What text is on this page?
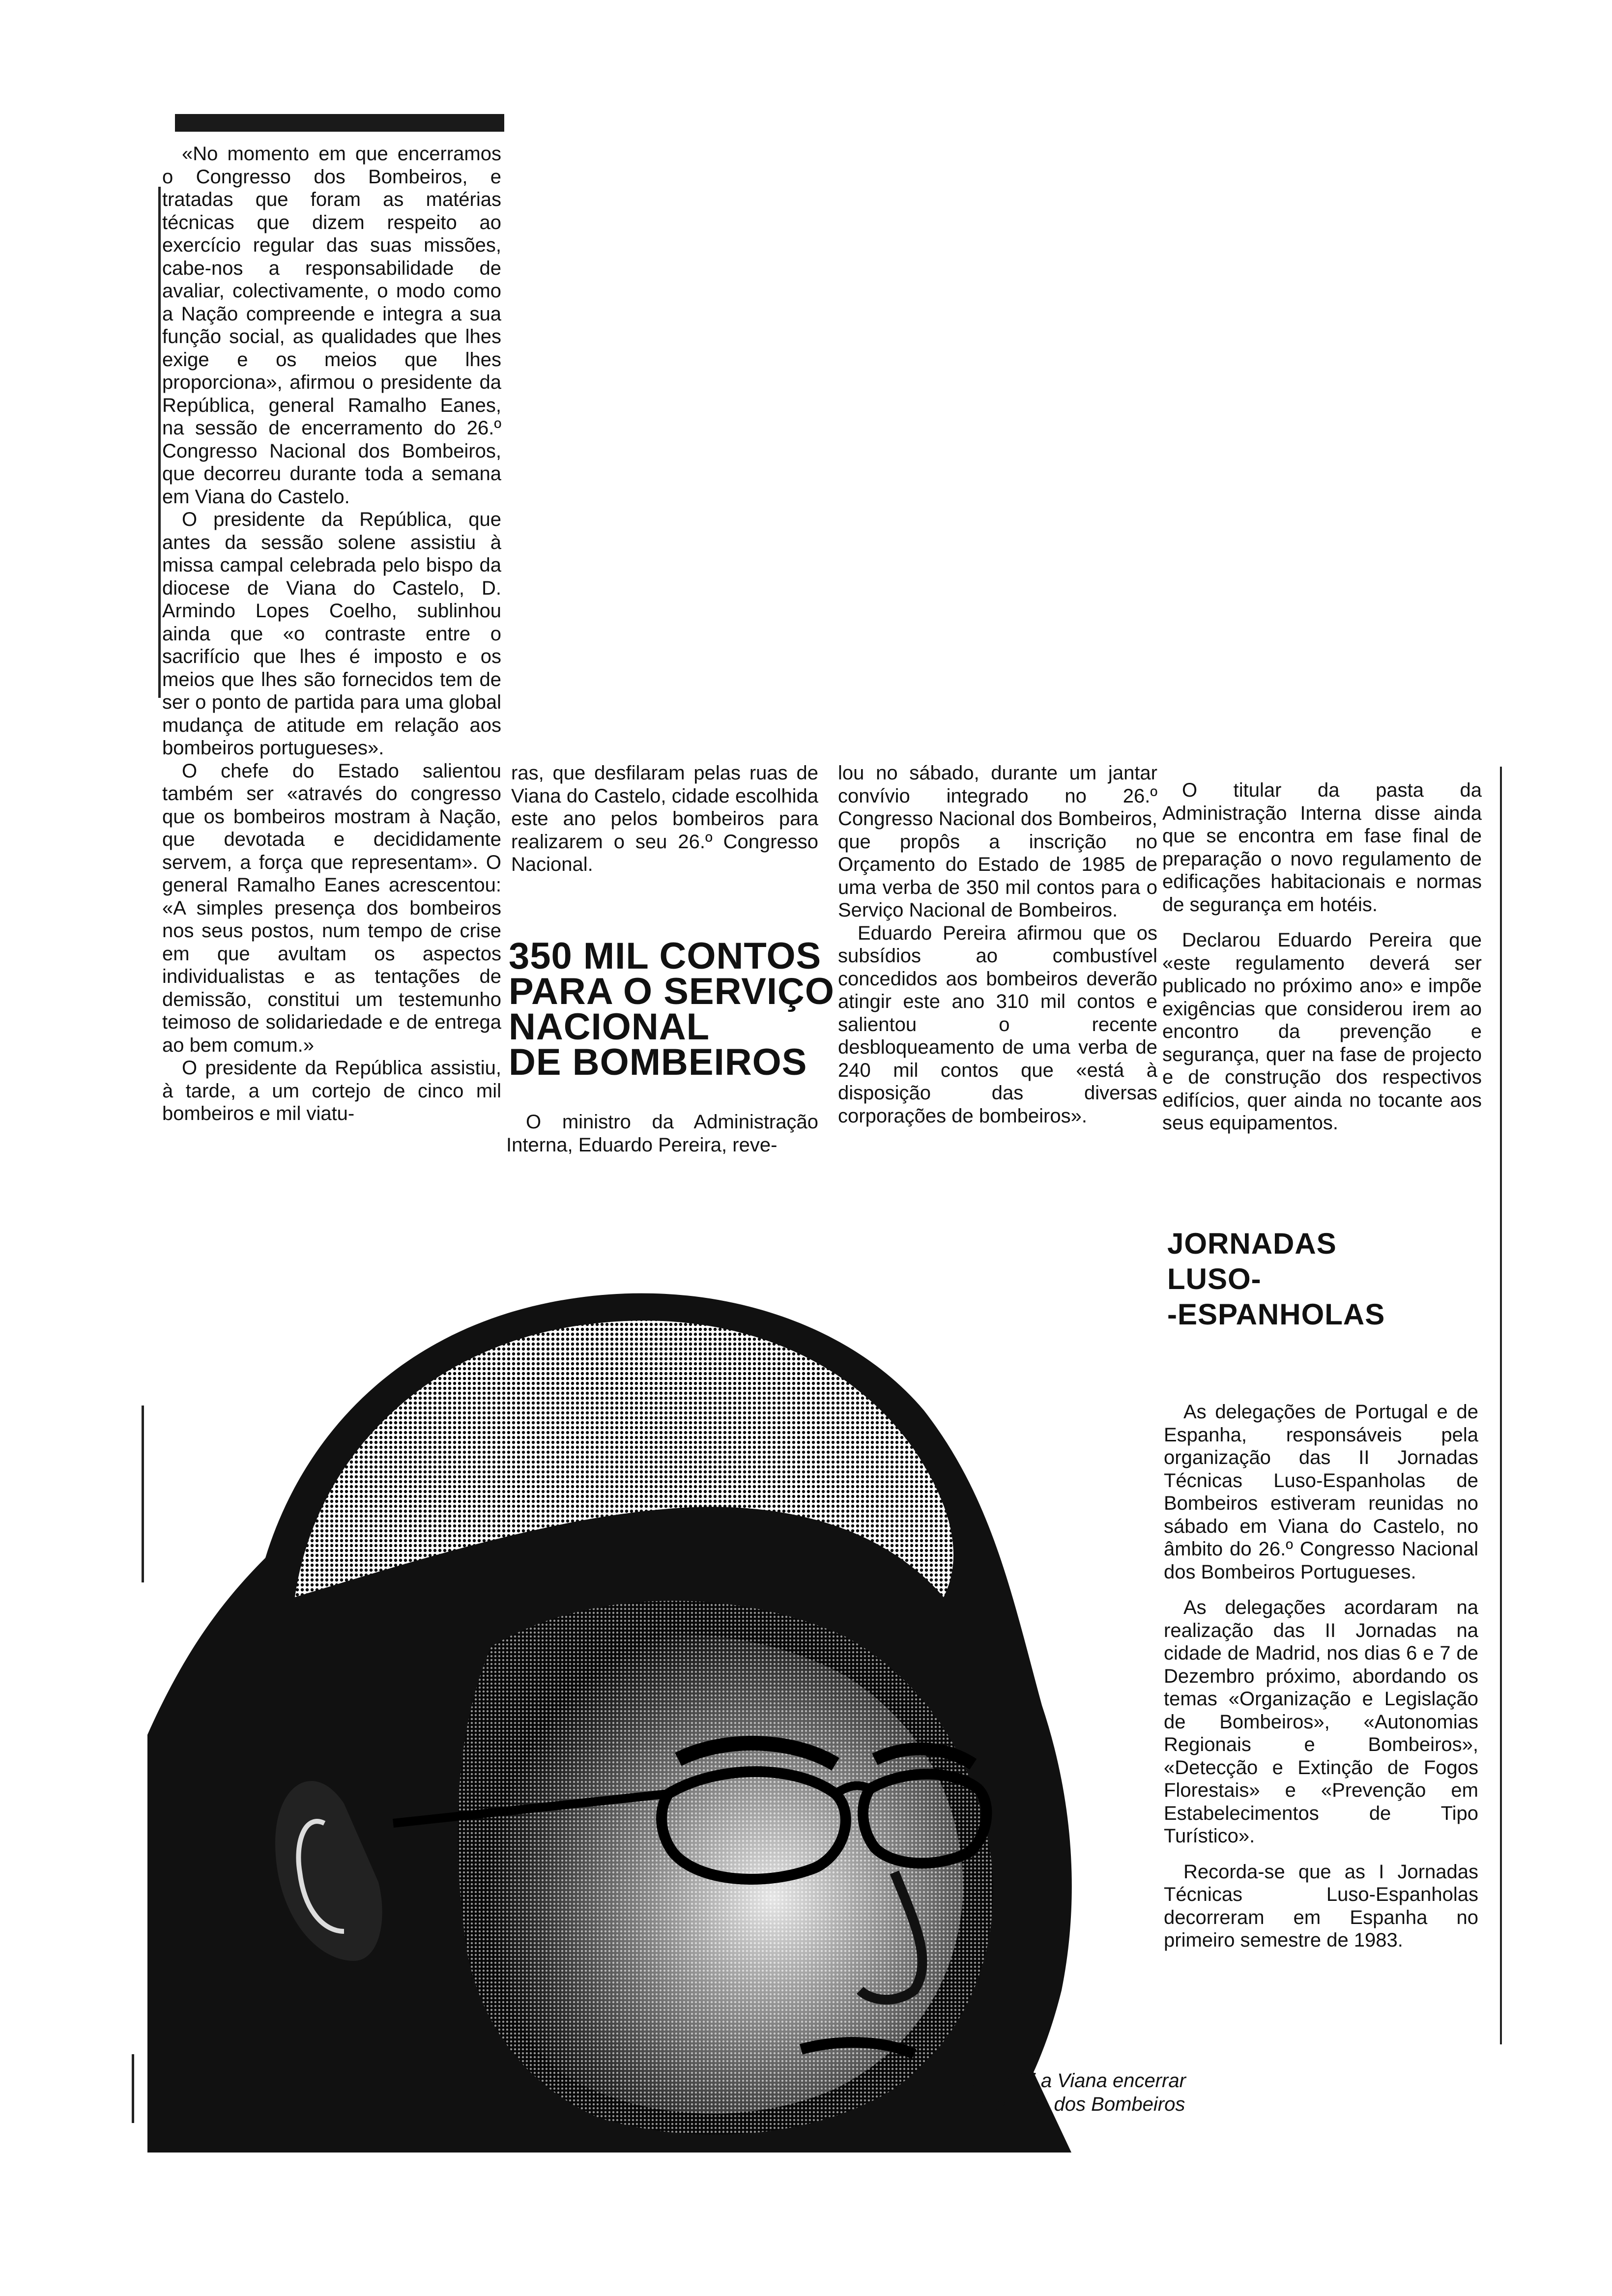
«No momento em que encerramos o Congresso dos Bombeiros, e tratadas que foram as matérias técnicas que dizem respeito ao exercício regular das suas missões, cabe-nos a responsabilidade de avaliar, colectivamente, o modo como a Nação compreende e integra a sua função social, as qualidades que lhes exige e os meios que lhes proporciona», afirmou o presidente da República, general Ramalho Eanes, na sessão de encerramento do 26.º Congresso Nacional dos Bombeiros, que decorreu durante toda a semana em Viana do Castelo.

O presidente da República, que antes da sessão solene assistiu à missa campal celebrada pelo bispo da diocese de Viana do Castelo, D. Armindo Lopes Coelho, sublinhou ainda que «o contraste entre o sacrifício que lhes é imposto e os meios que lhes são fornecidos tem de ser o ponto de partida para uma global mudança de atitude em relação aos bombeiros portugueses».

O chefe do Estado salientou também ser «através do congresso que os bombeiros mostram à Nação, que devotada e decididamente servem, a força que representam». O general Ramalho Eanes acrescentou: «A simples presença dos bombeiros nos seus postos, num tempo de crise em que avultam os aspectos individualistas e as tentações de demissão, constitui um testemunho teimoso de solidariedade e de entrega ao bem comum.»

O presidente da República assistiu, à tarde, a um cortejo de cinco mil bombeiros e mil viatu-

ras, que desfilaram pelas ruas de Viana do Castelo, cidade escolhida este ano pelos bombeiros para realizarem o seu 26.º Congresso Nacional.

350 MIL CONTOS
PARA O SERVIÇO
NACIONAL
DE BOMBEIROS

O ministro da Administração Interna, Eduardo Pereira, reve-

lou no sábado, durante um jantar convívio integrado no 26.º Congresso Nacional dos Bombeiros, que propôs a inscrição no Orçamento do Estado de 1985 de uma verba de 350 mil contos para o Serviço Nacional de Bombeiros.

Eduardo Pereira afirmou que os subsídios ao combustível concedidos aos bombeiros deverão atingir este ano 310 mil contos e salientou o recente desbloqueamento de uma verba de 240 mil contos que «está à disposição das diversas corporações de bombeiros».

O titular da pasta da Administração Interna disse ainda que se encontra em fase final de preparação o novo regulamento de edificações habitacionais e normas de segurança em hotéis.

Declarou Eduardo Pereira que «este regulamento deverá ser publicado no próximo ano» e impõe exigências que considerou irem ao encontro da prevenção e segurança, quer na fase de projecto e de construção dos respectivos edifícios, quer ainda no tocante aos seus equipamentos.

JORNADAS
LUSO-
-ESPANHOLAS

As delegações de Portugal e de Espanha, responsáveis pela organização das II Jornadas Técnicas Luso-Espanholas de Bombeiros estiveram reunidas no sábado em Viana do Castelo, no âmbito do 26.º Congresso Nacional dos Bombeiros Portugueses.

As delegações acordaram na realização das II Jornadas na cidade de Madrid, nos dias 6 e 7 de Dezembro próximo, abordando os temas «Organização e Legislação de Bombeiros», «Autonomias Regionais e Bombeiros», «Detecção e Extinção de Fogos Florestais» e «Prevenção em Estabelecimentos de Tipo Turístico».

Recorda-se que as I Jornadas Técnicas Luso-Espanholas decorreram em Espanha no primeiro semestre de 1983.

Eanes foi a Viana encerrar
Congresso dos Bombeiros
